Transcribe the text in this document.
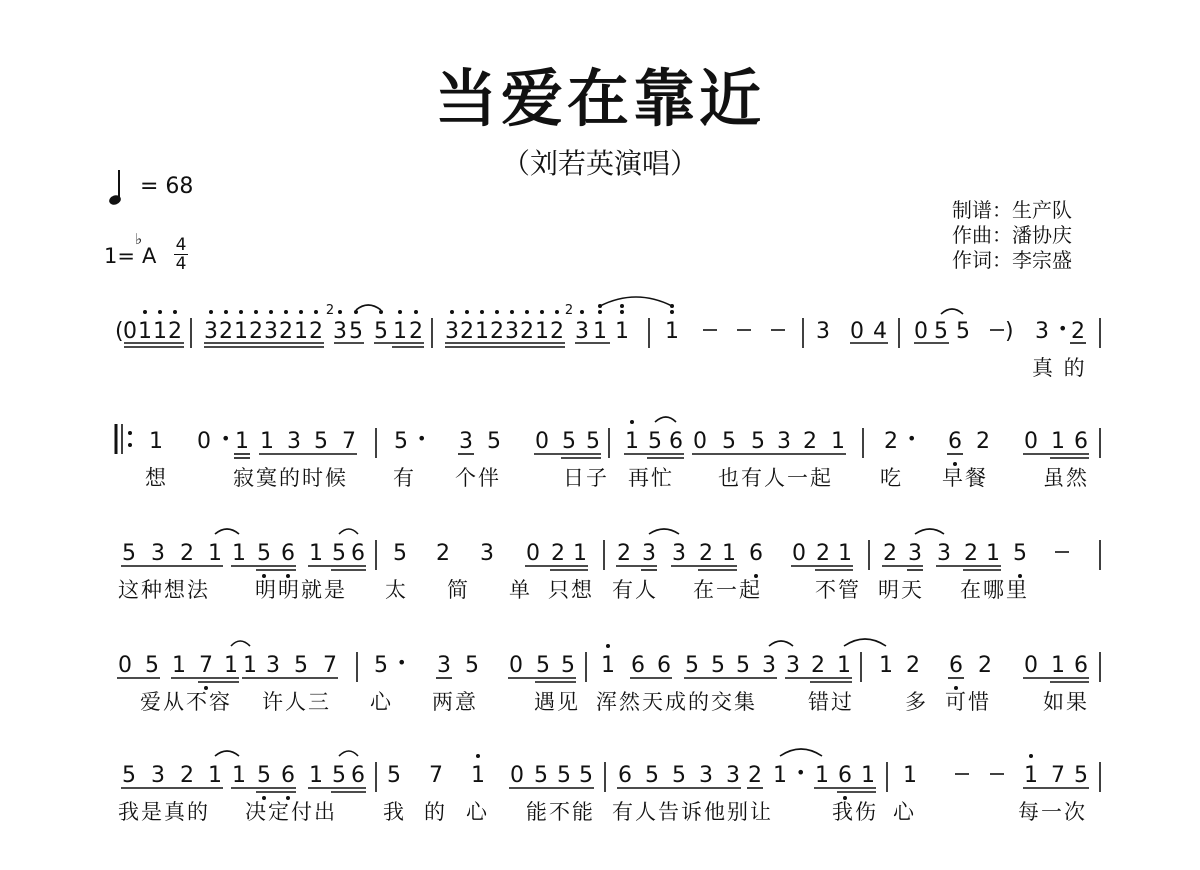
当爱在靠近
（刘若英演唱）
= 68
1=
♭
A $\frac{4}{4}$
制谱：生产队
作曲：潘协庆
作词：李宗盛
( 0 1 1 2 3 2 1 2 3 2 1 2 3 5 5 1 2 3 2 1 2 3 2 1 2 3 1 1 1	3 0 4 0 5 5	3 2
)	•
2
2
真 的
1 0 1 1 3 5 7 5 3 5 0 5 5 1 5 6 0 5 5 3 2 1 2 6 2 0 1 6
•	•	•
想	寂寞的时候 有 个伴	日子 再忙 也有人一起 吃 早餐	虽然
5 3 2 1 1 5 6 1 5 6 5 2 3 0 2 1 2 3 3 2 1 6 0 2 1 2 3 3 2 1 5
这种想法 明明就是 太 简 单 只想 有人 在一起	不管 明天 在哪里
0 5 1 7 1 1 3 5 7 5 3 5 0 5 5 1 6 6 5 5 5 3 3 2 1 1 2 6 2 0 1 6
•
爱从不容 许人三 心 两意	遇见 浑然天成的交集 错过 多 可惜 如果
5 3 2 1 1 5 6 1 5 6 5 7 1 0 5 5 5 6 5 5 3 3 2 1 1 6 1 1	1 7 5
•
我是真的 决定付出 我 的 心 能不能 有人告诉他别让	我伤 心	每一次
